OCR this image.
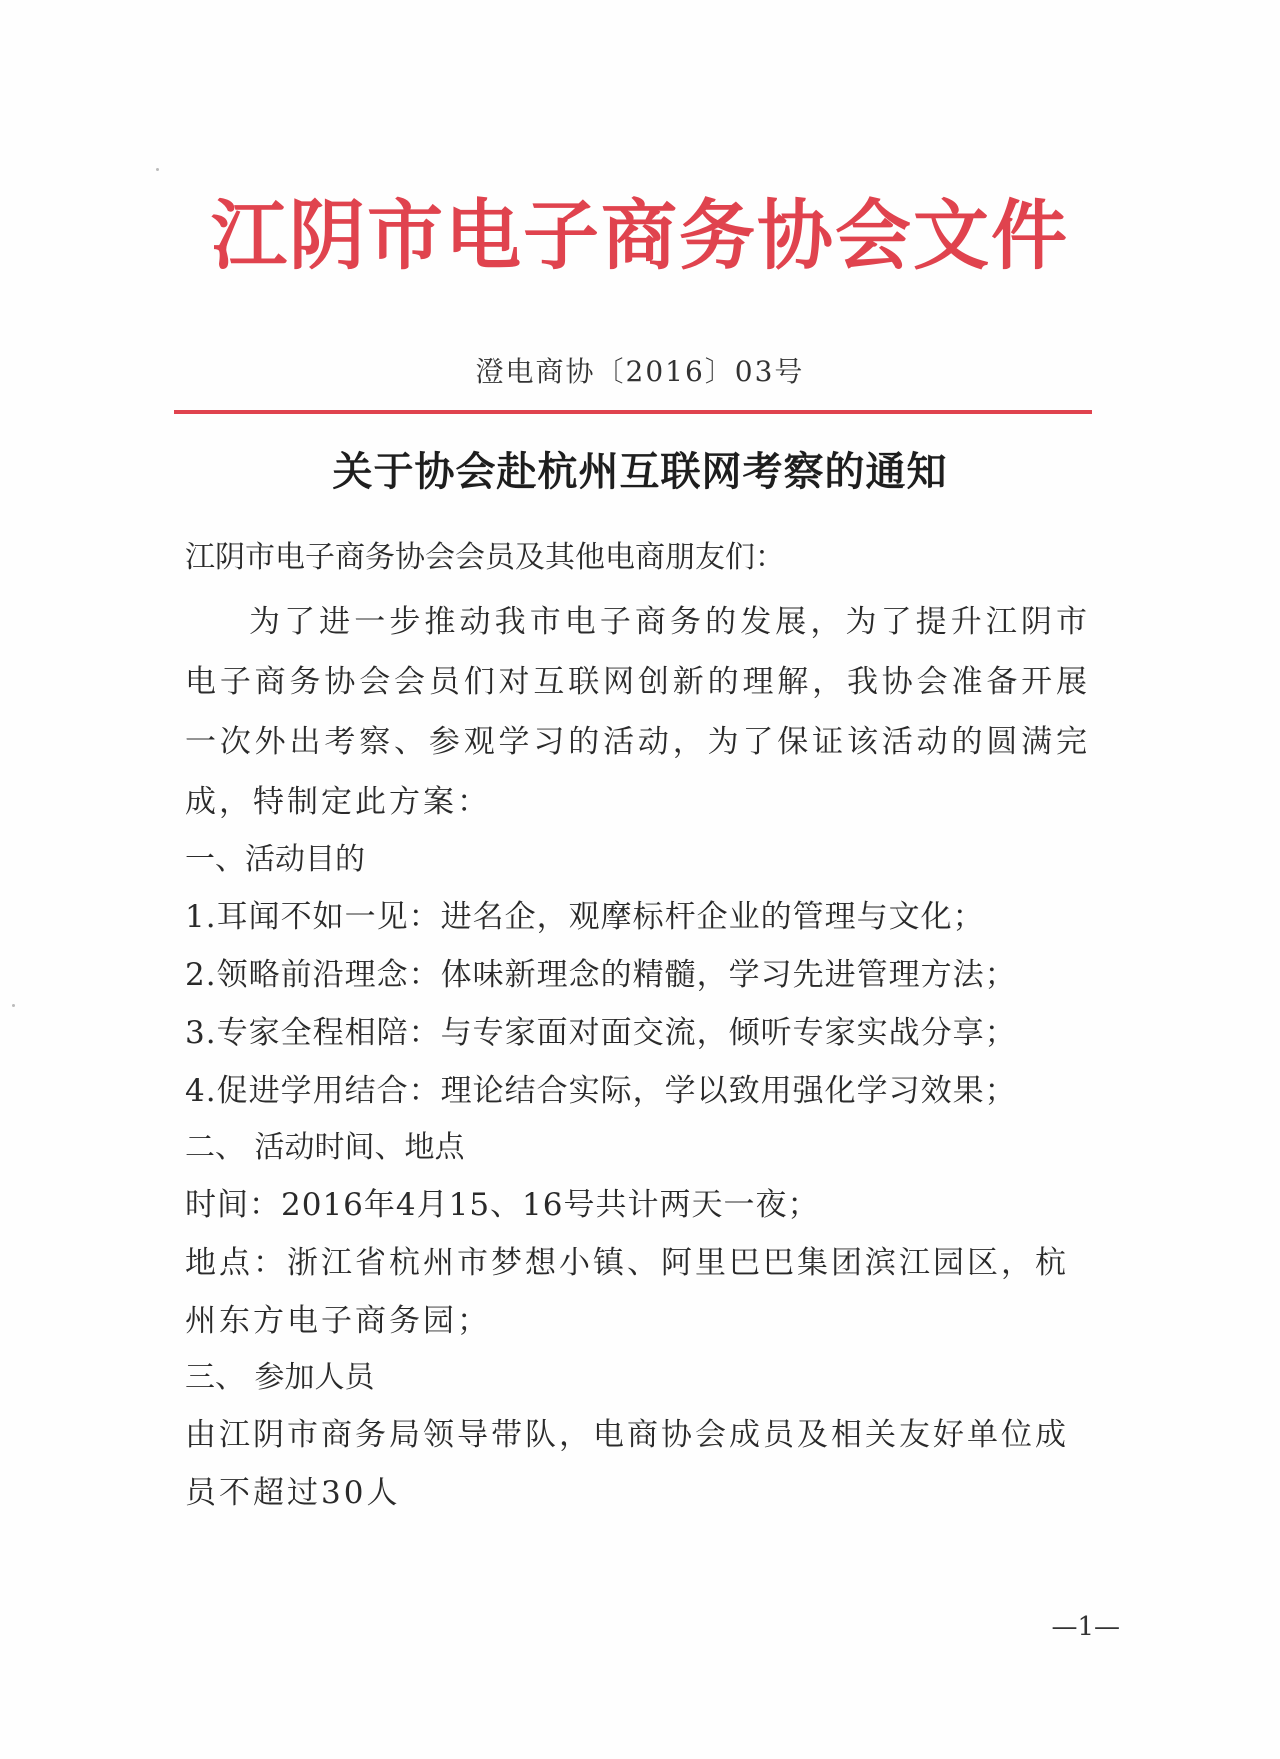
江阴市电子商务协会文件
澄电商协〔2016〕03号
关于协会赴杭州互联网考察的通知
江阴市电子商务协会会员及其他电商朋友们：

为了进一步推动我市电子商务的发展，为了提升江阴市电子商务协会会员们对互联网创新的理解，我协会准备开展一次外出考察、参观学习的活动，为了保证该活动的圆满完成，特制定此方案：

一、活动目的
1.耳闻不如一见：进名企，观摩标杆企业的管理与文化；
2.领略前沿理念：体味新理念的精髓，学习先进管理方法；
3.专家全程相陪：与专家面对面交流，倾听专家实战分享；
4.促进学用结合：理论结合实际，学以致用强化学习效果；
二、 活动时间、地点
时间：2016年4月15、16号共计两天一夜；
地点：浙江省杭州市梦想小镇、阿里巴巴集团滨江园区，杭州东方电子商务园；
三、 参加人员
由江阴市商务局领导带队，电商协会成员及相关友好单位成员不超过30人
—1—
